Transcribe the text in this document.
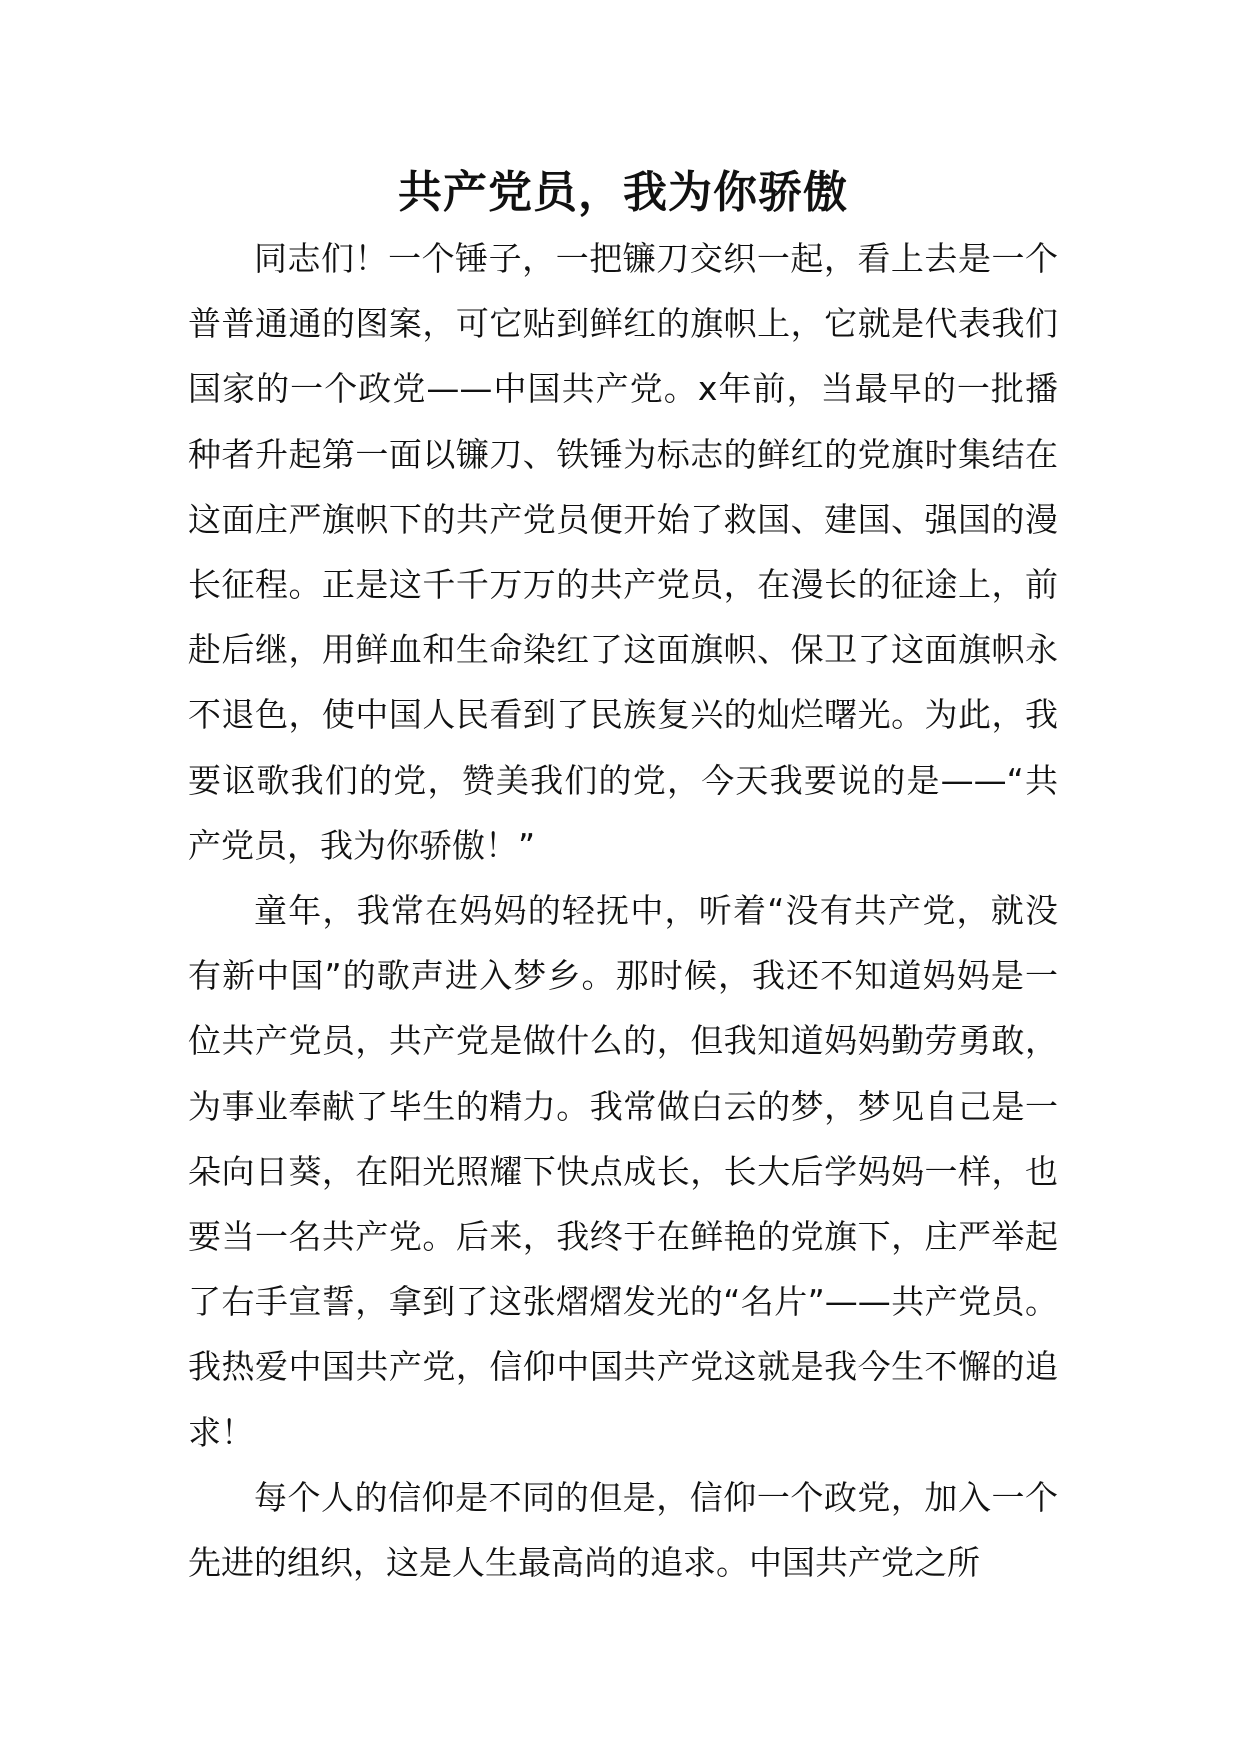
共产党员，我为你骄傲

同志们！一个锤子，一把镰刀交织一起，看上去是一个普普通通的图案，可它贴到鲜红的旗帜上，它就是代表我们国家的一个政党——中国共产党。x年前，当最早的一批播种者升起第一面以镰刀、铁锤为标志的鲜红的党旗时集结在这面庄严旗帜下的共产党员便开始了救国、建国、强国的漫长征程。正是这千千万万的共产党员，在漫长的征途上，前赴后继，用鲜血和生命染红了这面旗帜、保卫了这面旗帜永不退色，使中国人民看到了民族复兴的灿烂曙光。为此，我要讴歌我们的党，赞美我们的党，今天我要说的是——“共产党员，我为你骄傲！”

童年，我常在妈妈的轻抚中，听着“没有共产党，就没有新中国”的歌声进入梦乡。那时候，我还不知道妈妈是一位共产党员，共产党是做什么的，但我知道妈妈勤劳勇敢，为事业奉献了毕生的精力。我常做白云的梦，梦见自己是一朵向日葵，在阳光照耀下快点成长，长大后学妈妈一样，也要当一名共产党。后来，我终于在鲜艳的党旗下，庄严举起了右手宣誓，拿到了这张熠熠发光的“名片”——共产党员。我热爱中国共产党，信仰中国共产党这就是我今生不懈的追求！

每个人的信仰是不同的但是，信仰一个政党，加入一个先进的组织，这是人生最高尚的追求。中国共产党之所
